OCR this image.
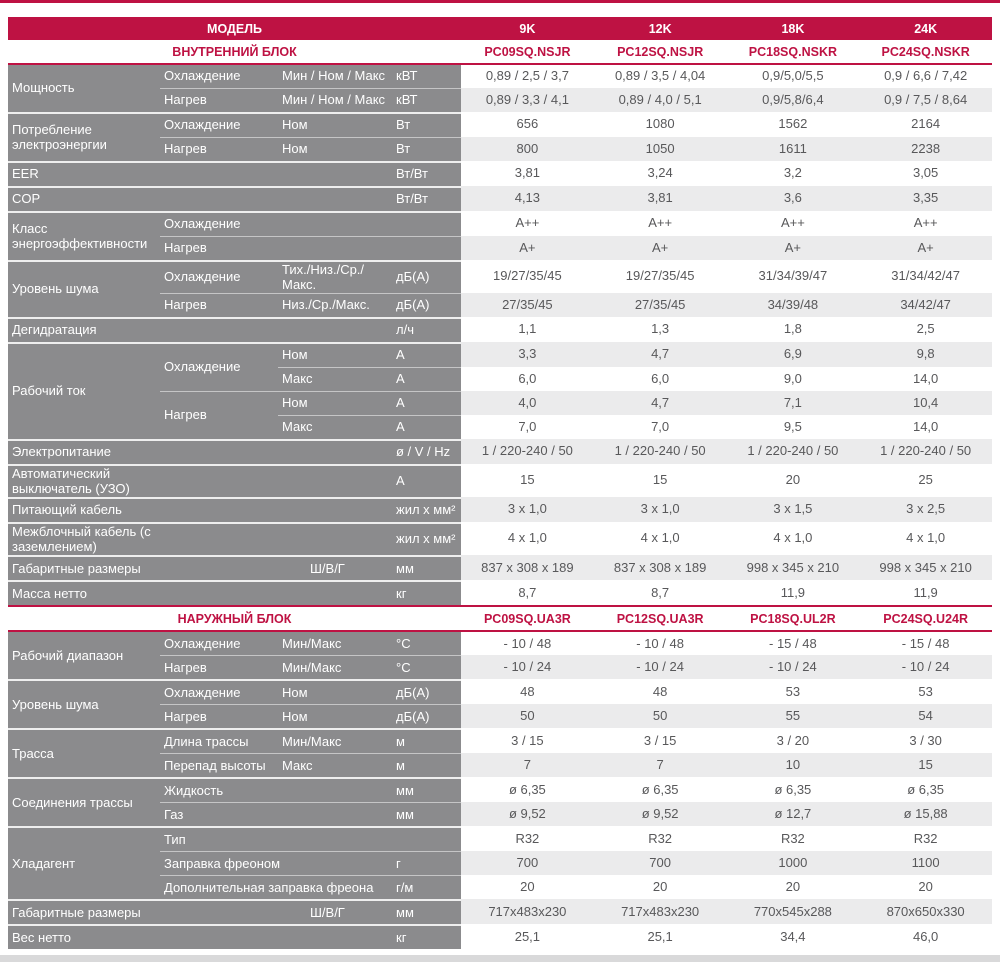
МОДЕЛЬ	9K	12K	18K	24K
ВНУТРЕННИЙ БЛОК	PC09SQ.NSJR	PC12SQ.NSJR	PC18SQ.NSKR	PC24SQ.NSKR
Мощность	Охлаждение	Мин / Ном / Макс	кВТ	0,89 / 2,5 / 3,7	0,89 / 3,5 / 4,04	0,9/5,0/5,5	0,9 / 6,6 / 7,42
	Нагрев	Мин / Ном / Макс	кВТ	0,89 / 3,3 / 4,1	0,89 / 4,0 / 5,1	0,9/5,8/6,4	0,9 / 7,5 / 8,64
Потребление электроэнергии	Охлаждение	Ном	Вт	656	1080	1562	2164
	Нагрев	Ном	Вт	800	1050	1611	2238
EER			Вт/Вт	3,81	3,24	3,2	3,05
COP			Вт/Вт	4,13	3,81	3,6	3,35
Класс энергоэффективности	Охлаждение			A++	A++	A++	A++
	Нагрев			A+	A+	A+	A+
Уровень шума	Охлаждение	Тих./Низ./Ср./Макс.	дБ(А)	19/27/35/45	19/27/35/45	31/34/39/47	31/34/42/47
	Нагрев	Низ./Ср./Макс.	дБ(А)	27/35/45	27/35/45	34/39/48	34/42/47
Дегидратация			л/ч	1,1	1,3	1,8	2,5
Рабочий ток	Охлаждение	Ном	А	3,3	4,7	6,9	9,8
		Макс	А	6,0	6,0	9,0	14,0
	Нагрев	Ном	А	4,0	4,7	7,1	10,4
		Макс	А	7,0	7,0	9,5	14,0
Электропитание			ø / V / Hz	1 / 220-240 / 50	1 / 220-240 / 50	1 / 220-240 / 50	1 / 220-240 / 50
Автоматический выключатель (УЗО)			А	15	15	20	25
Питающий кабель			жил х мм²	3 x 1,0	3 x 1,0	3 x 1,5	3 x 2,5
Межблочный кабель (с заземлением)			жил х мм²	4 x 1,0	4 x 1,0	4 x 1,0	4 x 1,0
Габаритные размеры		Ш/В/Г	мм	837 x 308 x 189	837 x 308 x 189	998 x 345 x 210	998 x 345 x 210
Масса нетто			кг	8,7	8,7	11,9	11,9
НАРУЖНЫЙ БЛОК	PC09SQ.UA3R	PC12SQ.UA3R	PC18SQ.UL2R	PC24SQ.U24R
Рабочий диапазон	Охлаждение	Мин/Макс	°C	- 10 / 48	- 10 / 48	- 15 / 48	- 15 / 48
	Нагрев	Мин/Макс	°C	- 10 / 24	- 10 / 24	- 10 / 24	- 10 / 24
Уровень шума	Охлаждение	Ном	дБ(А)	48	48	53	53
	Нагрев	Ном	дБ(А)	50	50	55	54
Трасса	Длина трассы	Мин/Макс	м	3 / 15	3 / 15	3 / 20	3 / 30
	Перепад высоты	Макс	м	7	7	10	15
Соединения трассы	Жидкость		мм	ø 6,35	ø 6,35	ø 6,35	ø 6,35
	Газ		мм	ø 9,52	ø 9,52	ø 12,7	ø 15,88
Хладагент	Тип			R32	R32	R32	R32
	Заправка фреоном		г	700	700	1000	1100
	Дополнительная заправка фреона		г/м	20	20	20	20
Габаритные размеры		Ш/В/Г	мм	717x483x230	717x483x230	770x545x288	870x650x330
Вес нетто			кг	25,1	25,1	34,4	46,0
